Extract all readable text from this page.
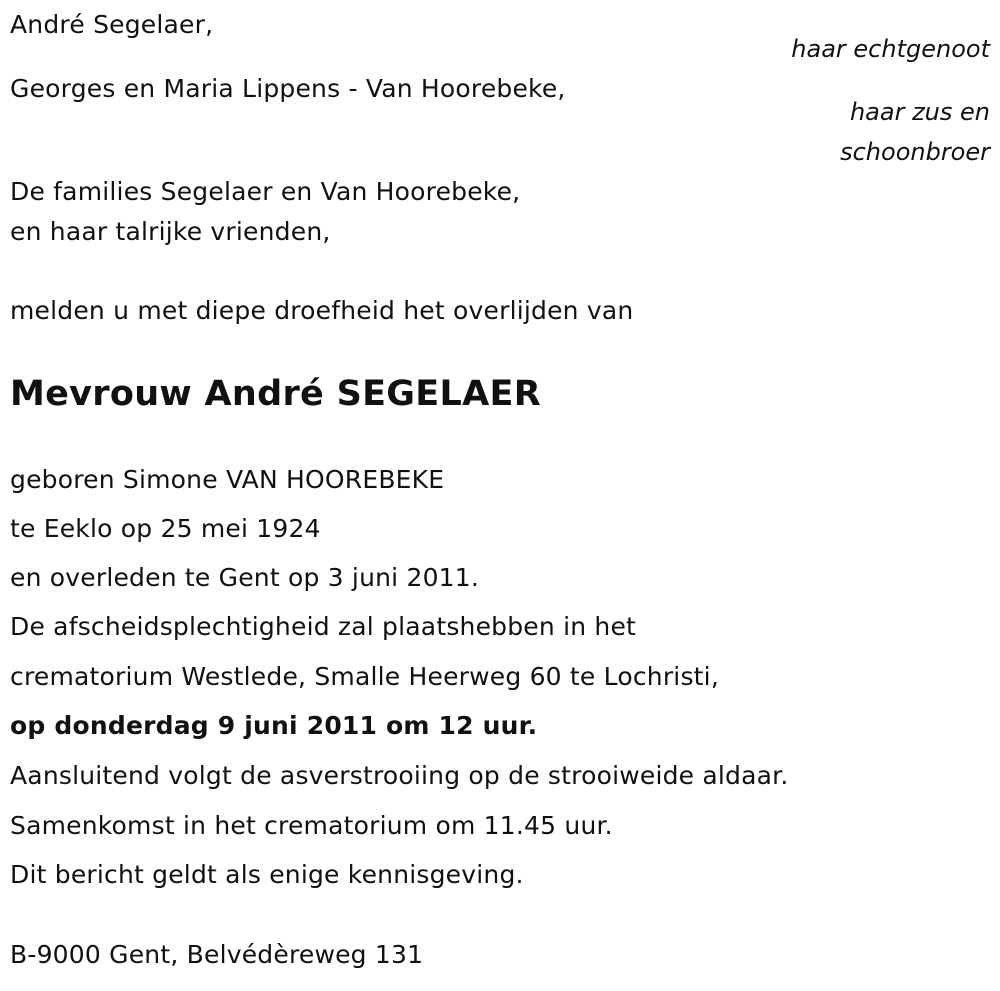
André Segelaer,
haar echtgenoot
Georges en Maria Lippens - Van Hoorebeke,
haar zus en
schoonbroer
De families Segelaer en Van Hoorebeke,
en haar talrijke vrienden,
melden u met diepe droefheid het overlijden van
Mevrouw André SEGELAER
geboren Simone VAN HOOREBEKE
te Eeklo op 25 mei 1924
en overleden te Gent op 3 juni 2011.
De afscheidsplechtigheid zal plaatshebben in het
crematorium Westlede, Smalle Heerweg 60 te Lochristi,
op donderdag 9 juni 2011 om 12 uur.
Aansluitend volgt de asverstrooiing op de strooiweide aldaar.
Samenkomst in het crematorium om 11.45 uur.
Dit bericht geldt als enige kennisgeving.
B-9000 Gent, Belvédèreweg 131
